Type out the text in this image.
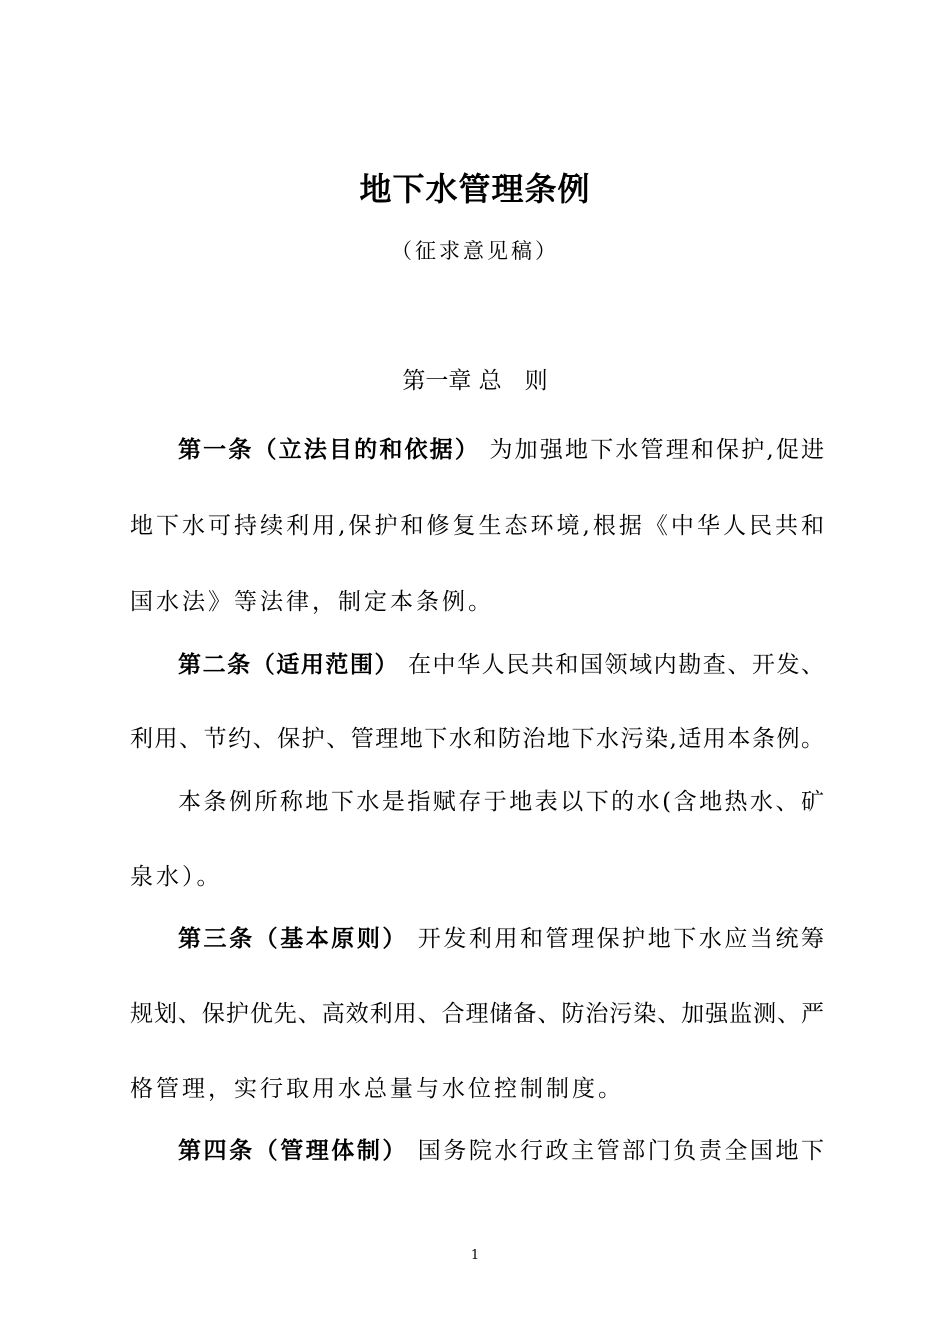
地下水管理条例
（征求意见稿）
第一章 总　则
第一条（立法目的和依据） 为加强地下水管理和保护,促进
地下水可持续利用,保护和修复生态环境,根据《中华人民共和
国水法》等法律，制定本条例。
第二条（适用范围） 在中华人民共和国领域内勘查、开发、
利用、节约、保护、管理地下水和防治地下水污染,适用本条例。
本条例所称地下水是指赋存于地表以下的水(含地热水、矿
泉水）。
第三条（基本原则） 开发利用和管理保护地下水应当统筹
规划、保护优先、高效利用、合理储备、防治污染、加强监测、严
格管理，实行取用水总量与水位控制制度。
第四条（管理体制） 国务院水行政主管部门负责全国地下
1
